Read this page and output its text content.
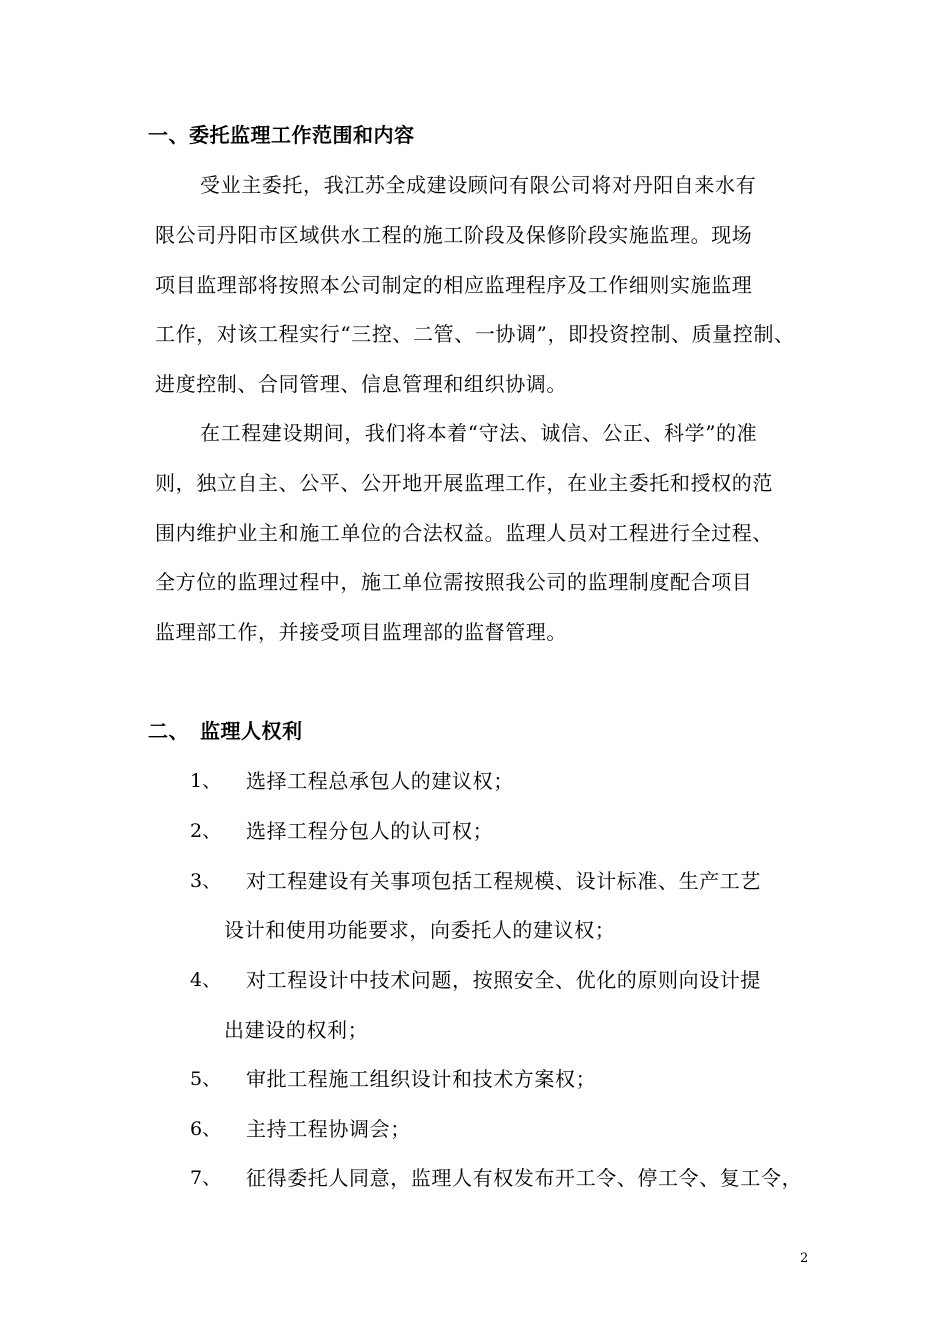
一、委托监理工作范围和内容
受业主委托，我江苏全成建设顾问有限公司将对丹阳自来水有
限公司丹阳市区域供水工程的施工阶段及保修阶段实施监理。现场
项目监理部将按照本公司制定的相应监理程序及工作细则实施监理
工作，对该工程实行“三控、二管、一协调”，即投资控制、质量控制、
进度控制、合同管理、信息管理和组织协调。
在工程建设期间，我们将本着“守法、诚信、公正、科学”的准
则，独立自主、公平、公开地开展监理工作，在业主委托和授权的范
围内维护业主和施工单位的合法权益。监理人员对工程进行全过程、
全方位的监理过程中，施工单位需按照我公司的监理制度配合项目
监理部工作，并接受项目监理部的监督管理。
二、 监理人权利
1、 选择工程总承包人的建议权；
2、 选择工程分包人的认可权；
3、 对工程建设有关事项包括工程规模、设计标准、生产工艺
设计和使用功能要求，向委托人的建议权；
4、 对工程设计中技术问题，按照安全、优化的原则向设计提
出建设的权利；
5、 审批工程施工组织设计和技术方案权；
6、 主持工程协调会；
7、 征得委托人同意，监理人有权发布开工令、停工令、复工令，
2
